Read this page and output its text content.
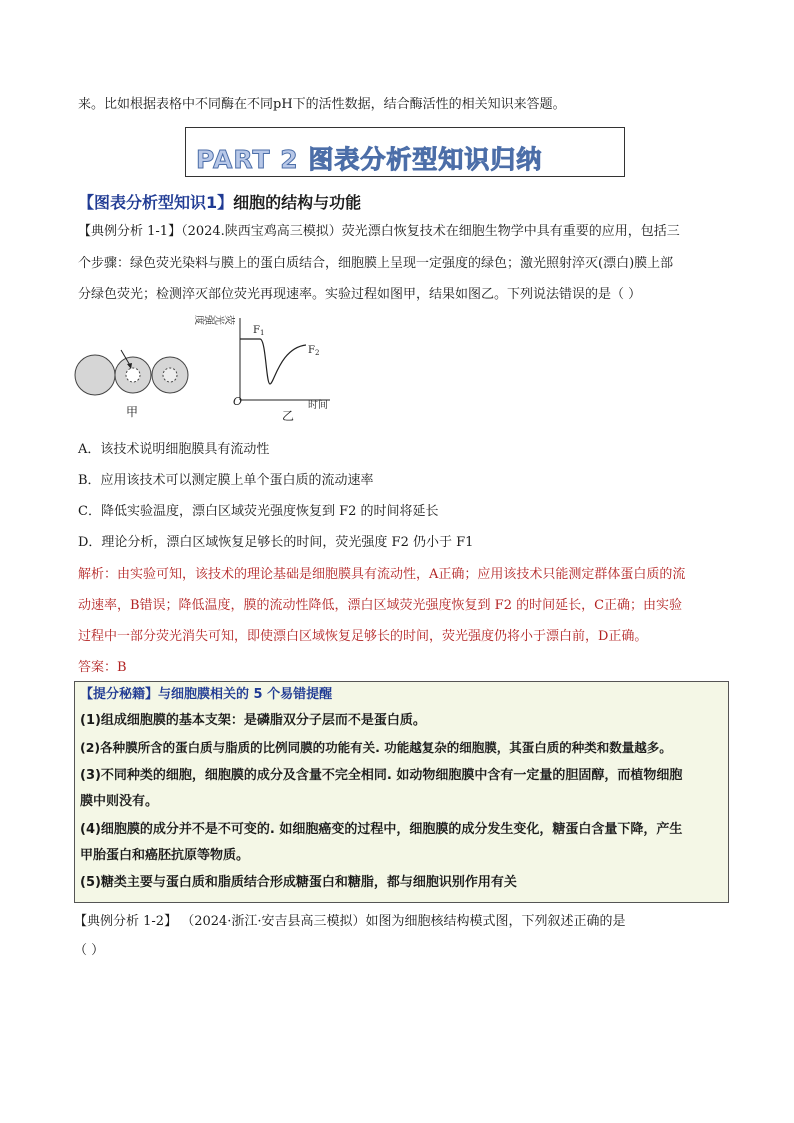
来。比如根据表格中不同酶在不同pH下的活性数据，结合酶活性的相关知识来答题。
PART 2 图表分析型知识归纳
【图表分析型知识1】细胞的结构与功能
【典例分析 1-1】（2024.陕西宝鸡高三模拟）荧光漂白恢复技术在细胞生物学中具有重要的应用，包括三
个步骤：绿色荧光染料与膜上的蛋白质结合，细胞膜上呈现一定强度的绿色；激光照射淬灭(漂白)膜上部
分绿色荧光；检测淬灭部位荧光再现速率。实验过程如图甲，结果如图乙。下列说法错误的是（ ）
甲
荧光强度
O	时间
$F_1$
$F_2$
乙
A．该技术说明细胞膜具有流动性
B．应用该技术可以测定膜上单个蛋白质的流动速率
C．降低实验温度，漂白区域荧光强度恢复到 F2 的时间将延长
D．理论分析，漂白区域恢复足够长的时间，荧光强度 F2 仍小于 F1
解析：由实验可知，该技术的理论基础是细胞膜具有流动性，A正确；应用该技术只能测定群体蛋白质的流
动速率，B错误；降低温度，膜的流动性降低，漂白区域荧光强度恢复到 F2 的时间延长，C正确；由实验
过程中一部分荧光消失可知，即使漂白区域恢复足够长的时间，荧光强度仍将小于漂白前，D正确。
答案：B
【提分秘籍】与细胞膜相关的 5 个易错提醒
(1)组成细胞膜的基本支架：是磷脂双分子层而不是蛋白质。
(2)各种膜所含的蛋白质与脂质的比例同膜的功能有关. 功能越复杂的细胞膜，其蛋白质的种类和数量越多。
(3)不同种类的细胞，细胞膜的成分及含量不完全相同. 如动物细胞膜中含有一定量的胆固醇，而植物细胞
膜中则没有。
(4)细胞膜的成分并不是不可变的. 如细胞癌变的过程中，细胞膜的成分发生变化，糖蛋白含量下降，产生
甲胎蛋白和癌胚抗原等物质。
(5)糖类主要与蛋白质和脂质结合形成糖蛋白和糖脂，都与细胞识别作用有关
【典例分析 1-2】 （2024·浙江·安吉县高三模拟）如图为细胞核结构模式图，下列叙述正确的是
（ ）
